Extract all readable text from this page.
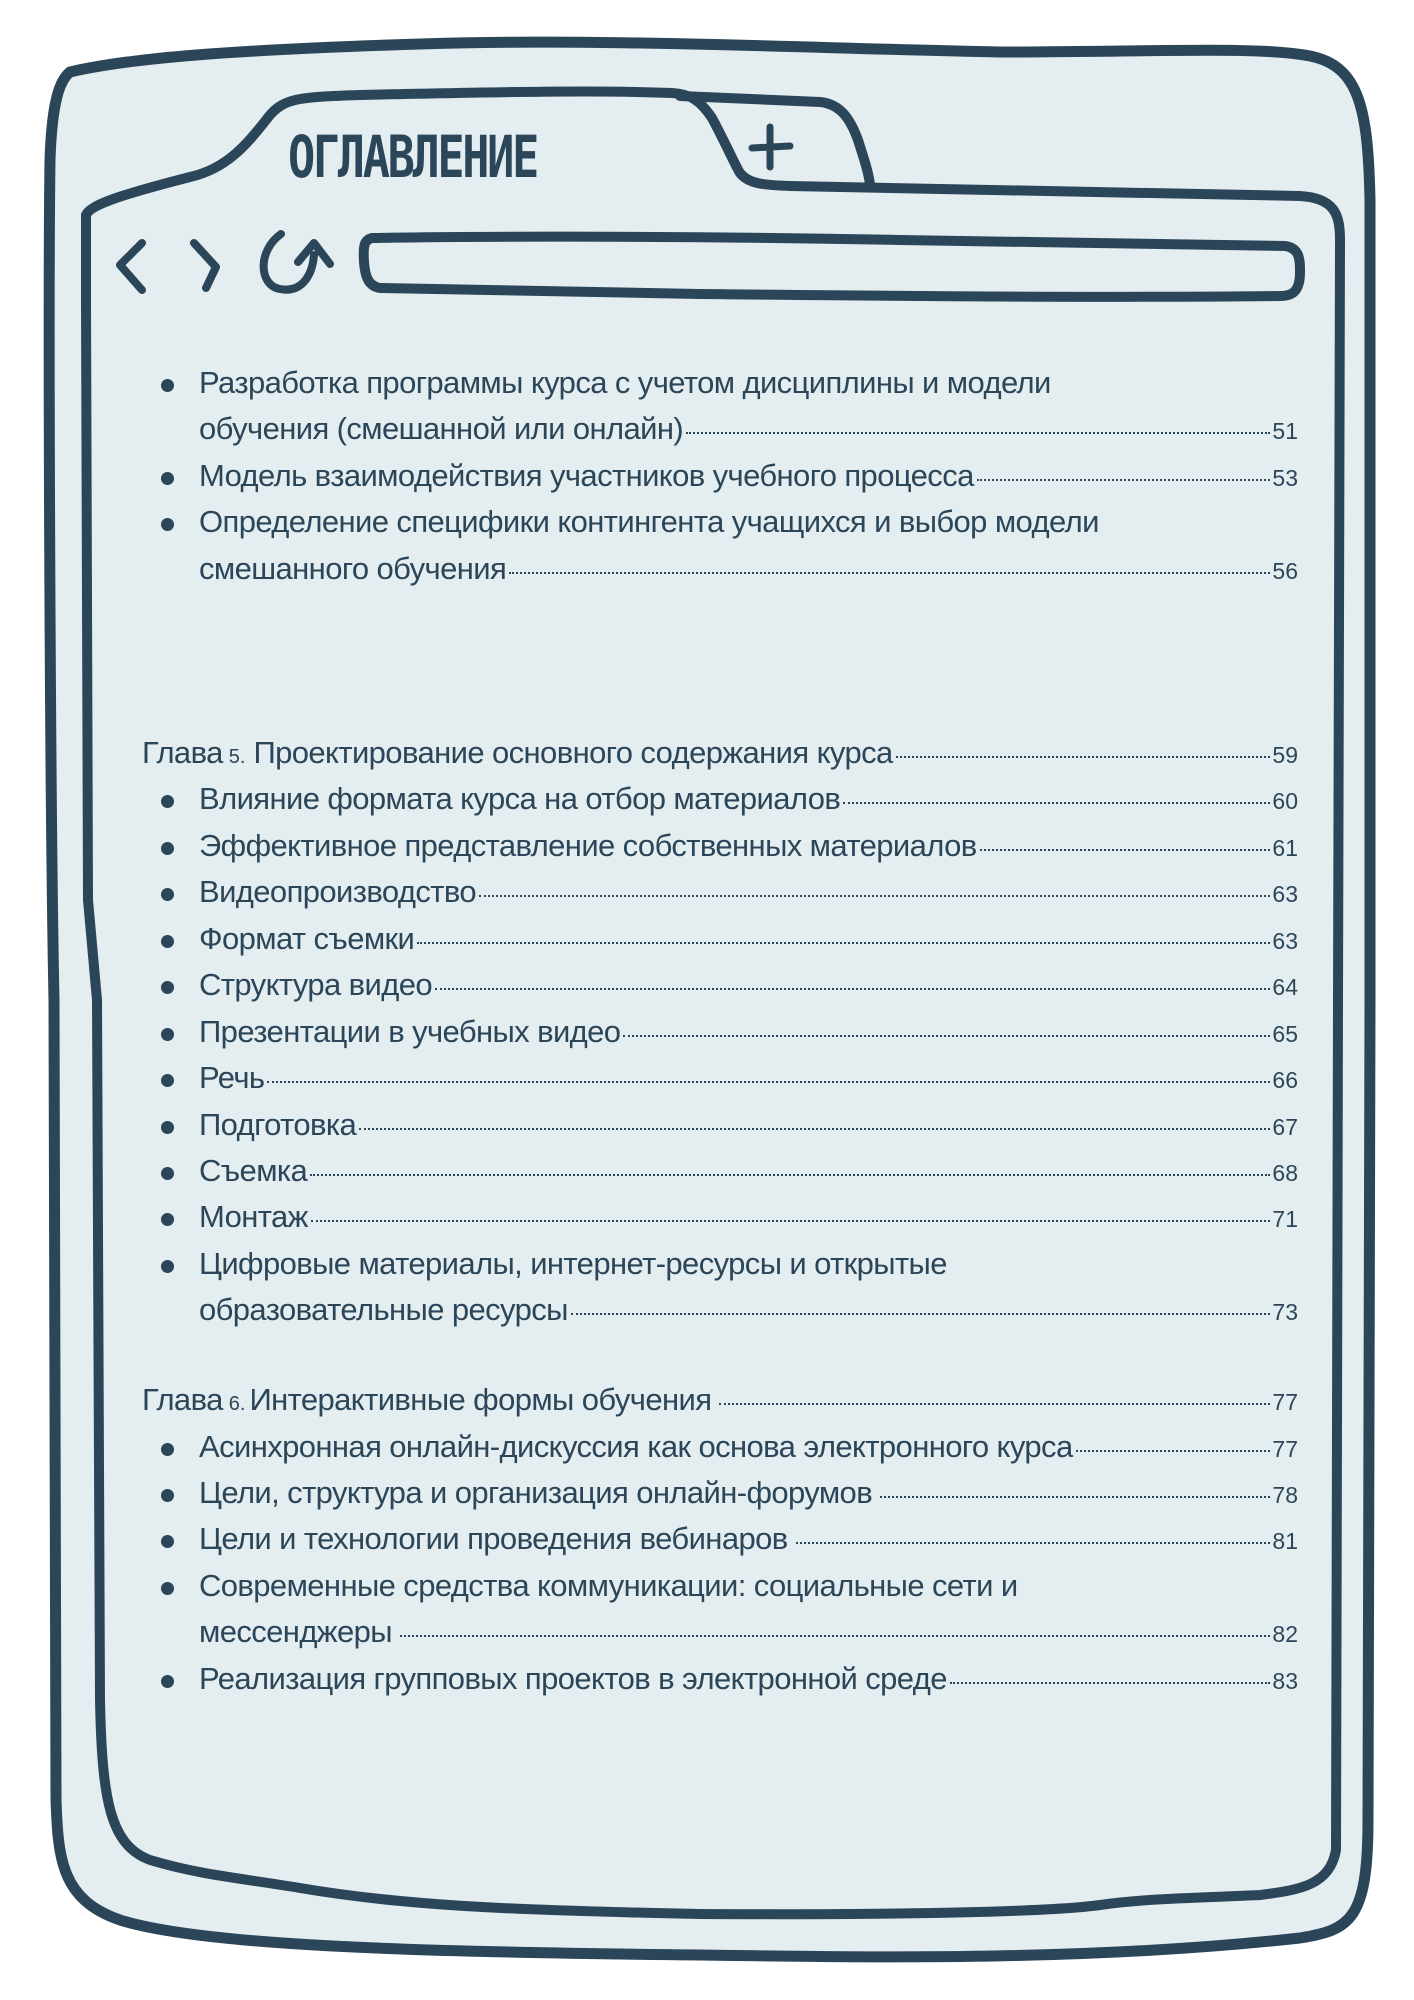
ОГЛАВЛЕНИЕ
Разработка программы курса с учетом дисциплины и модели
обучения (смешанной или онлайн)	51
Модель взаимодействия участников учебного процесса	53
Определение специфики контингента учащихся и выбор модели
смешанного обучения	56
Глава 5. Проектирование основного содержания курса	59
Влияние формата курса на отбор материалов	60
Эффективное представление собственных материалов	61
Видеопроизводство	63
Формат съемки	63
Структура видео	64
Презентации в учебных видео	65
Речь	66
Подготовка	67
Съемка	68
Монтаж	71
Цифровые материалы, интернет-ресурсы и открытые
образовательные ресурсы	73
Глава 6. Интерактивные формы обучения	77
Асинхронная онлайн-дискуссия как основа электронного курса	77
Цели, структура и организация онлайн-форумов	78
Цели и технологии проведения вебинаров	81
Современные средства коммуникации: социальные сети и
мессенджеры	82
Реализация групповых проектов в электронной среде	83
